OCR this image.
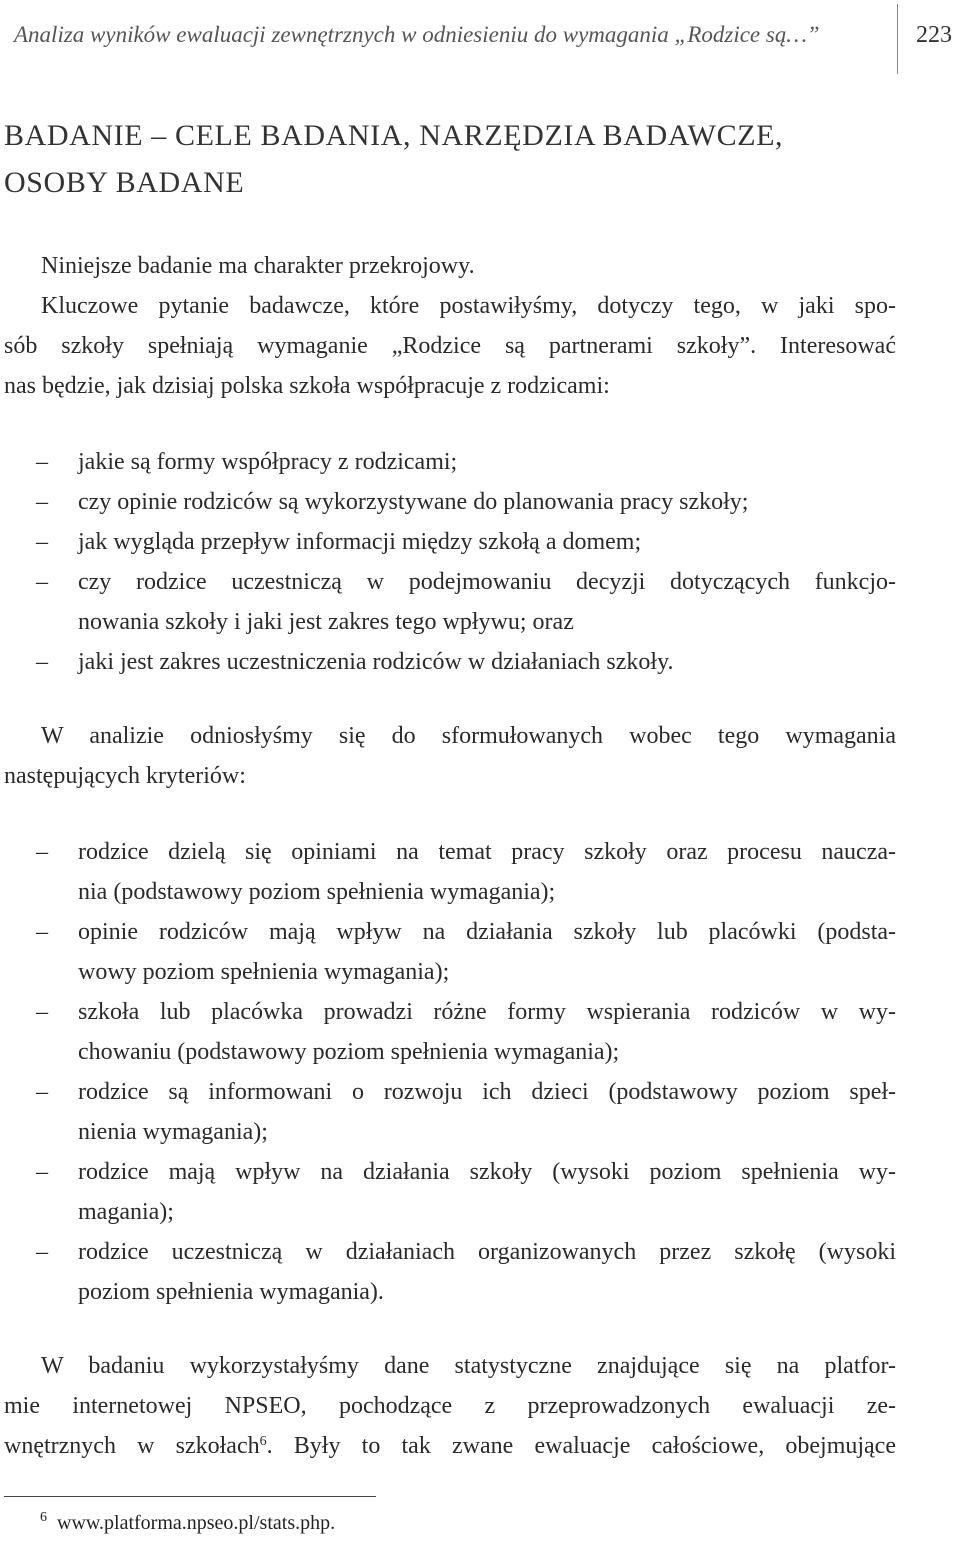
Analiza wyników ewaluacji zewnętrznych w odniesieniu do wymagania „Rodzice są…”	223
BADANIE – CELE BADANIA, NARZĘDZIA BADAWCZE,
OSOBY BADANE
Niniejsze badanie ma charakter przekrojowy.
Kluczowe pytanie badawcze, które postawiłyśmy, dotyczy tego, w jaki spo-
sób szkoły spełniają wymaganie „Rodzice są partnerami szkoły”. Interesować
nas będzie, jak dzisiaj polska szkoła współpracuje z rodzicami:
– jakie są formy współpracy z rodzicami;
– czy opinie rodziców są wykorzystywane do planowania pracy szkoły;
– jak wygląda przepływ informacji między szkołą a domem;
– czy rodzice uczestniczą w podejmowaniu decyzji dotyczących funkcjo-
nowania szkoły i jaki jest zakres tego wpływu; oraz
– jaki jest zakres uczestniczenia rodziców w działaniach szkoły.
W analizie odniosłyśmy się do sformułowanych wobec tego wymagania
następujących kryteriów:
– rodzice dzielą się opiniami na temat pracy szkoły oraz procesu naucza-
nia (podstawowy poziom spełnienia wymagania);
– opinie rodziców mają wpływ na działania szkoły lub placówki (podsta-
wowy poziom spełnienia wymagania);
– szkoła lub placówka prowadzi różne formy wspierania rodziców w wy-
chowaniu (podstawowy poziom spełnienia wymagania);
– rodzice są informowani o rozwoju ich dzieci (podstawowy poziom speł-
nienia wymagania);
– rodzice mają wpływ na działania szkoły (wysoki poziom spełnienia wy-
magania);
– rodzice uczestniczą w działaniach organizowanych przez szkołę (wysoki
poziom spełnienia wymagania).
W badaniu wykorzystałyśmy dane statystyczne znajdujące się na platfor-
mie internetowej NPSEO, pochodzące z przeprowadzonych ewaluacji ze-
wnętrznych w szkołach$^6$. Były to tak zwane ewaluacje całościowe, obejmujące
$^6$ www.platforma.npseo.pl/stats.php.
